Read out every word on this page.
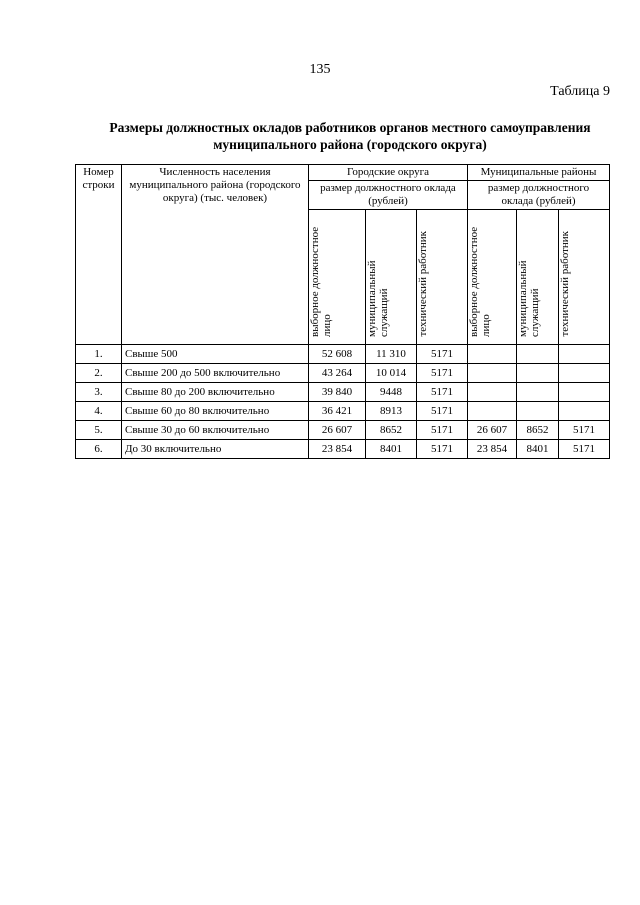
135
Таблица 9
Размеры должностных окладов работников органов местного самоуправления
муниципального района (городского округа)
Номер строки	Численность населения муниципального района (городского округа) (тыс. человек)	Городские округа			Муниципальные районы		
		размер должностного оклада (рублей)			размер должностного оклада (рублей)		
		выборное должностное лицо	муниципальный служащий	технический работник	выборное должностное лицо	муниципальный служащий	технический работник
1.	Свыше 500	52 608	11 310	5171			
2.	Свыше 200 до 500 включительно	43 264	10 014	5171			
3.	Свыше 80 до 200 включительно	39 840	9448	5171			
4.	Свыше 60 до 80 включительно	36 421	8913	5171			
5.	Свыше 30 до 60 включительно	26 607	8652	5171	26 607	8652	5171
6.	До 30 включительно	23 854	8401	5171	23 854	8401	5171
